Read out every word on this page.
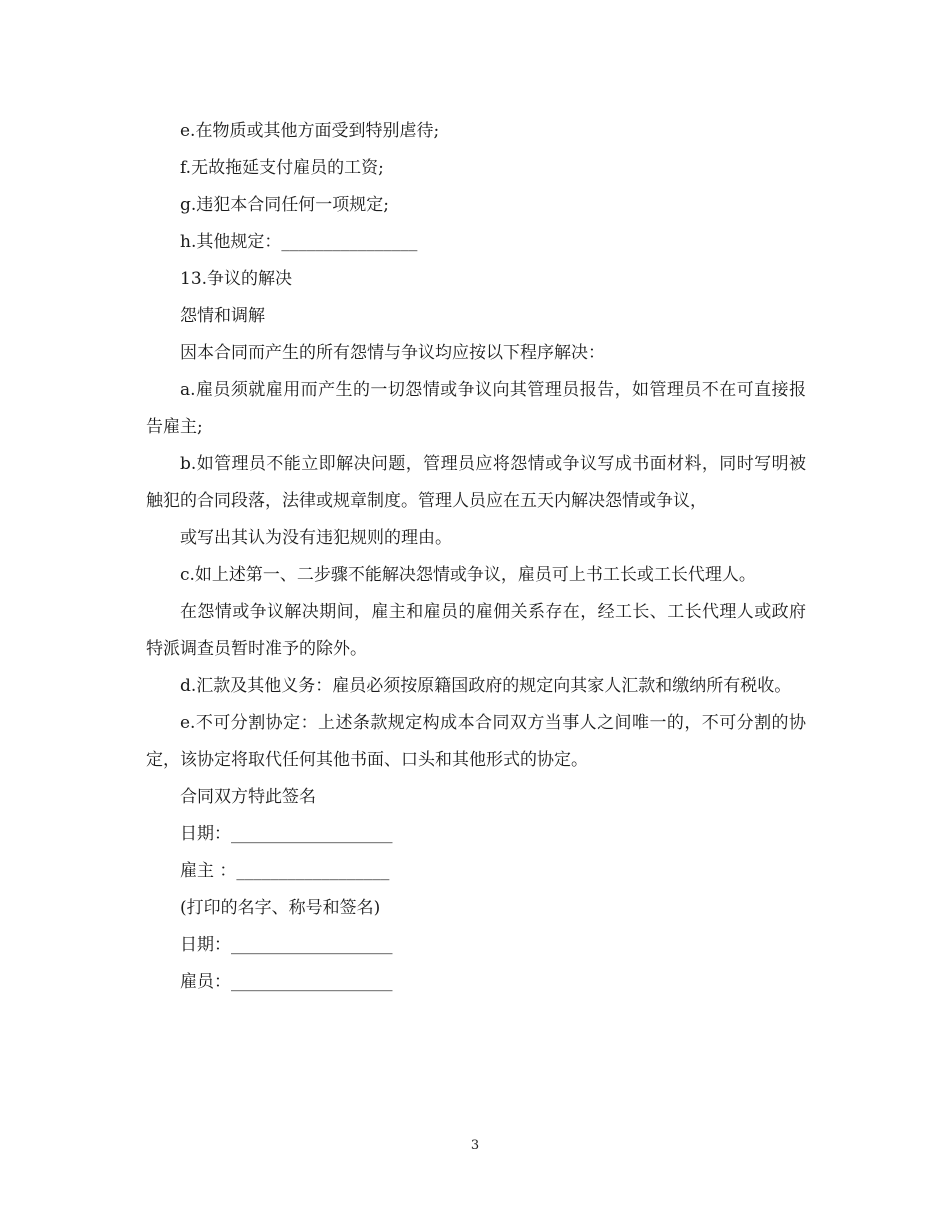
e.在物质或其他方面受到特别虐待;

f.无故拖延支付雇员的工资;

g.违犯本合同任何一项规定;

h.其他规定：________________

13.争议的解决

怨情和调解

因本合同而产生的所有怨情与争议均应按以下程序解决：

a.雇员须就雇用而产生的一切怨情或争议向其管理员报告，如管理员不在可直接报告雇主;

b.如管理员不能立即解决问题，管理员应将怨情或争议写成书面材料，同时写明被触犯的合同段落，法律或规章制度。管理人员应在五天内解决怨情或争议，

或写出其认为没有违犯规则的理由。

c.如上述第一、二步骤不能解决怨情或争议，雇员可上书工长或工长代理人。

在怨情或争议解决期间，雇主和雇员的雇佣关系存在，经工长、工长代理人或政府特派调查员暂时准予的除外。

d.汇款及其他义务：雇员必须按原籍国政府的规定向其家人汇款和缴纳所有税收。

e.不可分割协定：上述条款规定构成本合同双方当事人之间唯一的，不可分割的协定，该协定将取代任何其他书面、口头和其他形式的协定。

合同双方特此签名

日期：___________________

雇主 ：__________________

(打印的名字、称号和签名)

日期：___________________

雇员：___________________

3
